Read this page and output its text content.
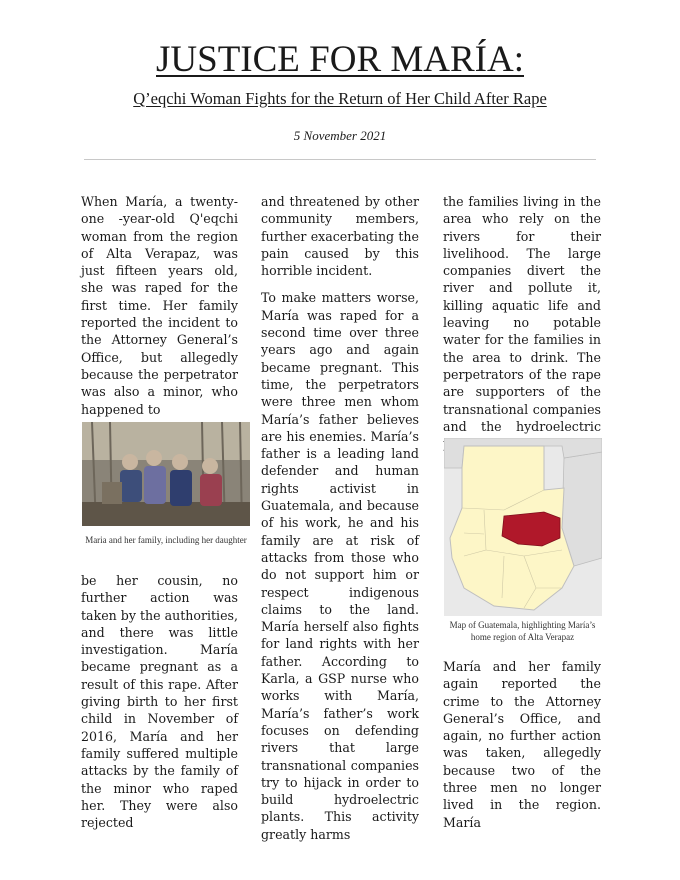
JUSTICE FOR MARÍA:
Q’eqchi Woman Fights for the Return of Her Child After Rape
5 November 2021

When María, a twenty-one -year-old Q'eqchi woman from the region of Alta Verapaz, was just fifteen years old, she was raped for the first time. Her family reported the incident to the Attorney General’s Office, but allegedly because the perpetrator was also a minor, who happened to

Maria and her family, including her daughter

be her cousin, no further action was taken by the authorities, and there was little investigation. María became pregnant as a result of this rape. After giving birth to her first child in November of 2016, María and her family suffered multiple attacks by the family of the minor who raped her. They were also rejected

and threatened by other community members, further exacerbating the pain caused by this horrible incident.

To make matters worse, María was raped for a second time over three years ago and again became pregnant. This time, the perpetrators were three men whom María’s father believes are his enemies. María’s father is a leading land defender and human rights activist in Guatemala, and because of his work, he and his family are at risk of attacks from those who do not support him or respect indigenous claims to the land. María herself also fights for land rights with her father. According to Karla, a GSP nurse who works with María, María’s father’s work focuses on defending rivers that large transnational companies try to hijack in order to build hydroelectric plants. This activity greatly harms

the families living in the area who rely on the rivers for their livelihood. The large companies divert the river and pollute it, killing aquatic life and leaving no potable water for the families in the area to drink. The perpetrators of the rape are supporters of the transnational companies and the hydroelectric

Map of Guatemala, highlighting María’s home region of Alta Verapaz

María and her family again reported the crime to the Attorney General’s Office, and again, no further action was taken, allegedly because two of the three men no longer lived in the region. María
